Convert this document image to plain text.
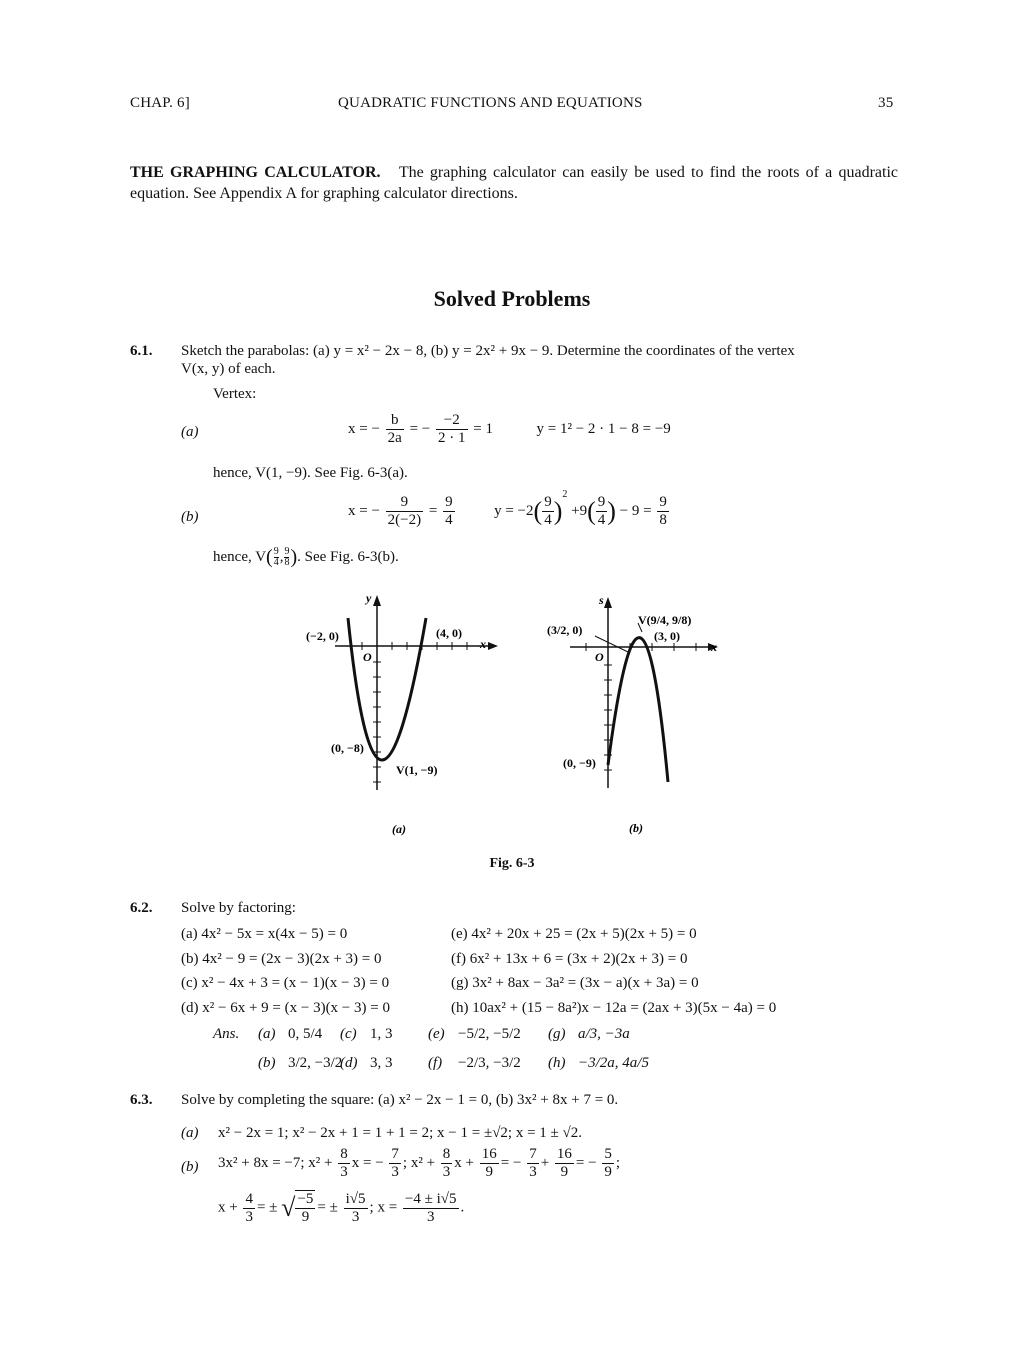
CHAP. 6]	QUADRATIC FUNCTIONS AND EQUATIONS	35
THE GRAPHING CALCULATOR. The graphing calculator can easily be used to find the roots of a quadratic equation. See Appendix A for graphing calculator directions.
Solved Problems
6.1. Sketch the parabolas: (a) y = x² − 2x − 8, (b) y = 2x² + 9x − 9. Determine the coordinates of the vertex
V(x, y) of each.
Vertex:
(a)	x = − $\frac{b}{2a}$ = − $\frac{-2}{2 \cdot 1} = 1$	y = 1² − 2 · 1 − 8 = −9
hence, V(1, −9). See Fig. 6-3(a).
(b)	x = − $\frac{9}{2(-2)} = \frac{9}{4}$	$y = -2( \frac{9}{4} )^2 +9( \frac{9}{4}$ ) − $9 = \frac{9}{8}$
hence, $V( \frac{9}{4}$ , $\frac{9}{8}$ ). See Fig. 6-3(b).
y
x
O
(−2, 0)	(4, 0)
(0, −8)
V(1, −9)
(a)
s
x
O
(3/2, 0)
V(9/4, 9/8)
(3, 0)
(0, −9)
(b)
Fig. 6-3
6.2. Solve by factoring:
(a) 4x² − 5x = x(4x − 5) = 0
(b) 4x² − 9 = (2x − 3)(2x + 3) = 0
(c) x² − 4x + 3 = (x − 1)(x − 3) = 0
(d) x² − 6x + 9 = (x − 3)(x − 3) = 0
(e) 4x² + 20x + 25 = (2x + 5)(2x + 5) = 0
(f) 6x² + 13x + 6 = (3x + 2)(2x + 3) = 0
(g) 3x² + 8ax − 3a² = (3x − a)(x + 3a) = 0
(h) 10ax² + (15 − 8a²)x − 12a = (2ax + 3)(5x − 4a) = 0
Ans. (a) 0, 5/4 (c) 1, 3 (e) −5/2, −5/2 (g) a/3, −3a
(b) 3/2, −3/2(d) 3, 3 (f) −2/3, −3/2 (h) −3/2a, 4a/5
6.3. Solve by completing the square: (a) x² − 2x − 1 = 0, (b) 3x² + 8x + 7 = 0.
(a) x² − 2x = 1; x² − 2x + 1 = 1 + 1 = 2; x − 1 = ±√2; x = 1 ± √2.
(b) 3x² + 8x = −7; $x^2 + \frac{8}{3}$ x = − $\frac{7}{3}$ ; $x^2 + \frac{8}{3}$ $x + \frac{16}{9}$ = − $\frac{7}{3} + \frac{16}{9}$ = − $\frac{5}{9}$ ;
$x + \frac{4}{3}$ = ± √ $\frac{-5}{9}$ = ± $\frac{i√5}{3}$ ; $x = \frac{-4 \pm i√5}{3}$ .
